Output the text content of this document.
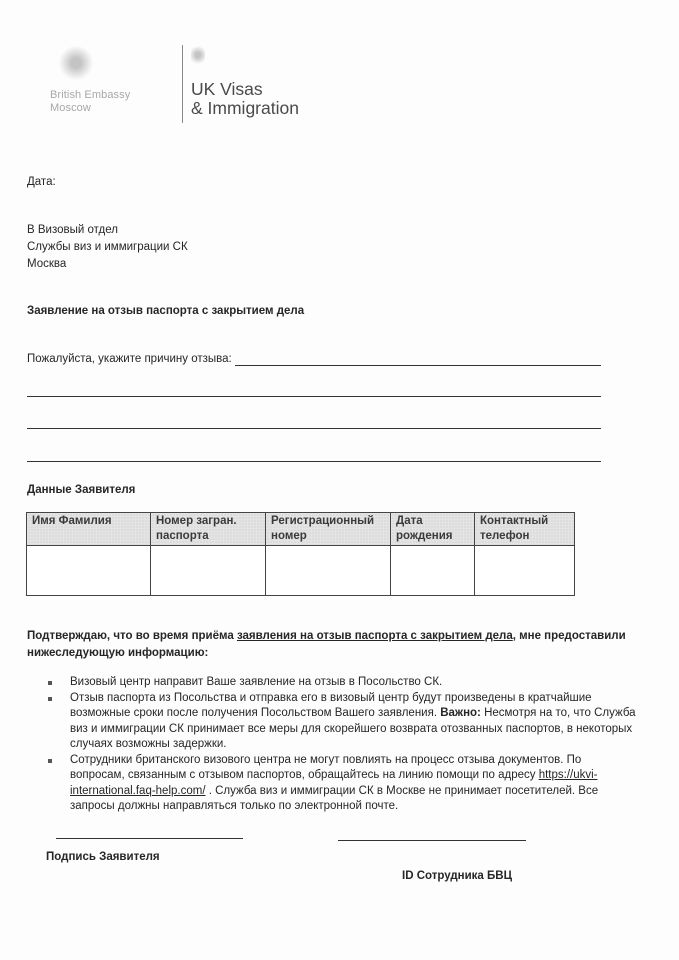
British Embassy
Moscow
UK Visas
& Immigration
Дата:
В Визовый отдел
Службы виз и иммиграции СК
Москва
Заявление на отзыв паспорта с закрытием дела
Пожалуйста, укажите причину отзыва:
Данные Заявителя
Имя Фамилия	Номер загран. паспорта	Регистрационный номер	Дата рождения	Контактный телефон

Подтверждаю, что во время приёма заявления на отзыв паспорта с закрытием дела, мне предоставили нижеследующую информацию:
Визовый центр направит Ваше заявление на отзыв в Посольство СК.
Отзыв паспорта из Посольства и отправка его в визовый центр будут произведены в кратчайшие возможные сроки после получения Посольством Вашего заявления. Важно: Несмотря на то, что Служба виз и иммиграции СК принимает все меры для скорейшего возврата отозванных паспортов, в некоторых случаях возможны задержки.
Сотрудники британского визового центра не могут повлиять на процесс отзыва документов. По вопросам, связанным с отзывом паспортов, обращайтесь на линию помощи по адресу https://ukvi-international.faq-help.com/ . Служба виз и иммиграции СК в Москве не принимает посетителей. Все запросы должны направляться только по электронной почте.
Подпись Заявителя
ID Сотрудника БВЦ
